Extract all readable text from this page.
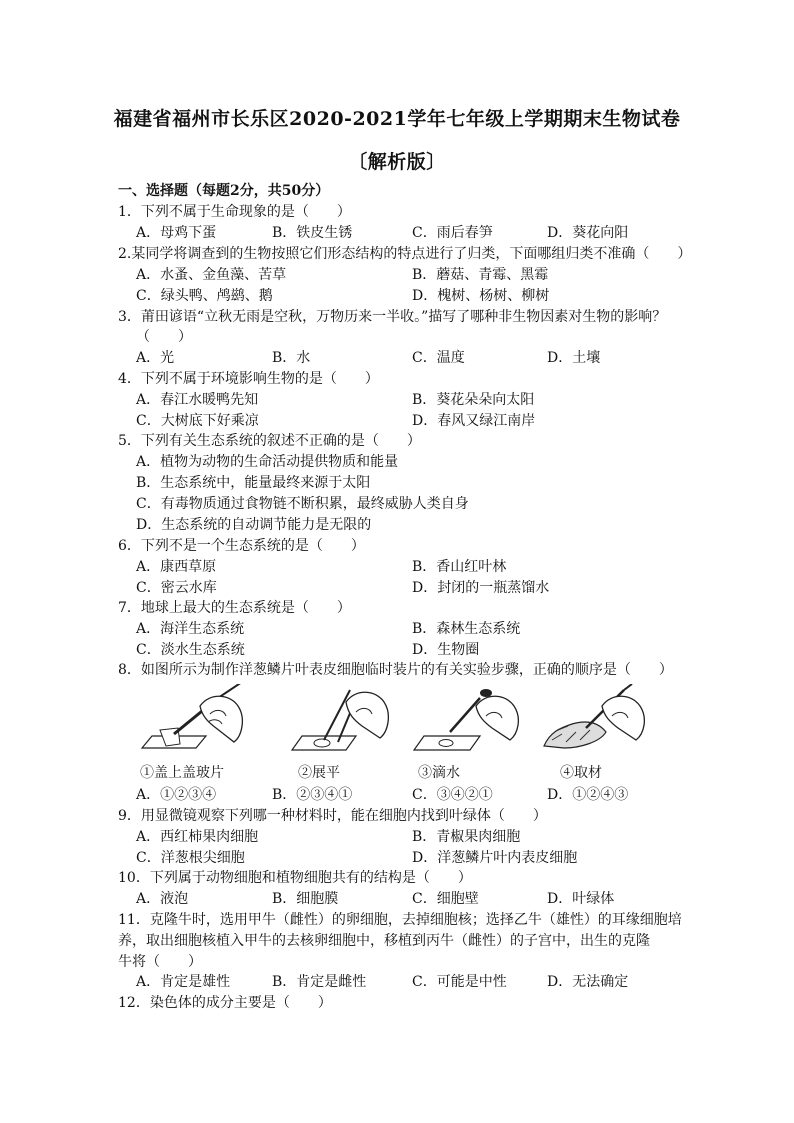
福建省福州市长乐区2020-2021学年七年级上学期期末生物试卷
〔解析版〕
一、选择题（每题2分，共50分）
1．下列不属于生命现象的是（　　）
A．母鸡下蛋	B．铁皮生锈	C．雨后春笋	D．葵花向阳
2.某同学将调查到的生物按照它们形态结构的特点进行了归类，下面哪组归类不准确（　　）
A．水蚤、金鱼藻、苦草	B．蘑菇、青霉、黑霉
C．绿头鸭、鸬鹚、鹅	D．槐树、杨树、柳树
3．莆田谚语“立秋无雨是空秋，万物历来一半收。”描写了哪种非生物因素对生物的影响？
（　　）
A．光	B．水	C．温度	D．土壤
4．下列不属于环境影响生物的是（　　）
A．春江水暖鸭先知	B．葵花朵朵向太阳
C．大树底下好乘凉	D．春风又绿江南岸
5．下列有关生态系统的叙述不正确的是（　　）
A．植物为动物的生命活动提供物质和能量
B．生态系统中，能量最终来源于太阳
C．有毒物质通过食物链不断积累，最终威胁人类自身
D．生态系统的自动调节能力是无限的
6．下列不是一个生态系统的是（　　）
A．康西草原	B．香山红叶林
C．密云水库	D．封闭的一瓶蒸馏水
7．地球上最大的生态系统是（　　）
A．海洋生态系统	B．森林生态系统
C．淡水生态系统	D．生物圈
8．如图所示为制作洋葱鳞片叶表皮细胞临时装片的有关实验步骤，正确的顺序是（　　）
①盖上盖玻片	②展平	③滴水	④取材
A．①②③④	B．②③④①	C．③④②①	D．①②④③
9．用显微镜观察下列哪一种材料时，能在细胞内找到叶绿体（　　）
A．西红柿果肉细胞	B．青椒果肉细胞
C．洋葱根尖细胞	D．洋葱鳞片叶内表皮细胞
10．下列属于动物细胞和植物细胞共有的结构是（　　）
A．液泡	B．细胞膜	C．细胞壁	D．叶绿体
11．克隆牛时，选用甲牛（雌性）的卵细胞，去掉细胞核；选择乙牛（雄性）的耳缘细胞培
养，取出细胞核植入甲牛的去核卵细胞中，移植到丙牛（雌性）的子宫中，出生的克隆
牛将（　　）
A．肯定是雄性	B．肯定是雌性	C．可能是中性	D．无法确定
12．染色体的成分主要是（　　）
